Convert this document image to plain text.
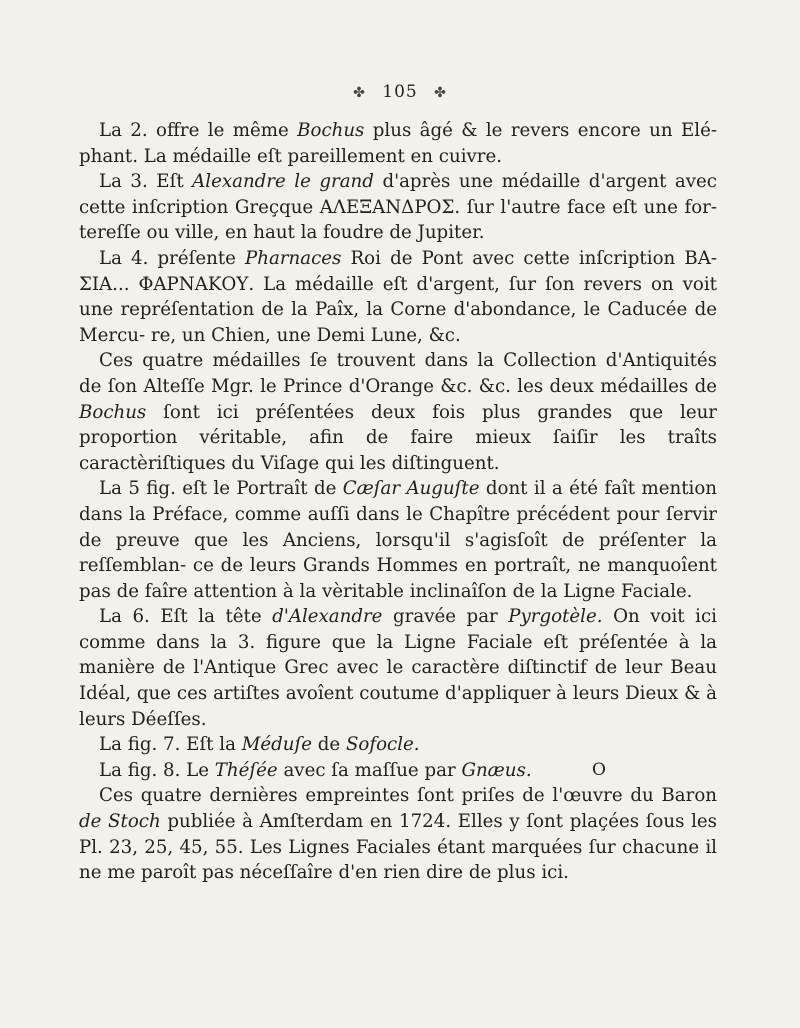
✤ 105 ✤

La 2. offre le même Bochus plus âgé & le revers encore un Elé- phant. La médaille eſt pareillement en cuivre.

La 3. Eſt Alexandre le grand d'après une médaille d'argent avec cette inſcription Greçque ΑΛΕΞΑΝΔΡΟΣ. ſur l'autre face eſt une for- tereſſe ou ville, en haut la foudre de Jupiter.

La 4. préſente Pharnaces Roi de Pont avec cette inſcription ΒΑ- ΣΙΑ... ΦΑΡΝΑΚΟΥ. La médaille eſt d'argent, ſur ſon revers on voit une repréſentation de la Paîx, la Corne d'abondance, le Caducée de Mercu- re, un Chien, une Demi Lune, &c.

Ces quatre médailles ſe trouvent dans la Collection d'Antiquités de ſon Alteſſe Mgr. le Prince d'Orange &c. &c. les deux médailles de Bochus ſont ici préſentées deux fois plus grandes que leur proportion véritable, afin de faire mieux ſaiſir les traîts caractèriſtiques du Viſage qui les diſtinguent.

La 5 fig. eſt le Portraît de Cæſar Auguſte dont il a été faît mention dans la Préface, comme auſſi dans le Chapître précédent pour ſervir de preuve que les Anciens, lorsqu'il s'agisſoît de préſenter la reſſemblan- ce de leurs Grands Hommes en portraît, ne manquoîent pas de faîre attention à la vèritable inclinaîſon de la Ligne Faciale.

La 6. Eſt la tête d'Alexandre gravée par Pyrgotèle. On voit ici comme dans la 3. figure que la Ligne Faciale eſt préſentée à la manière de l'Antique Grec avec le caractère diſtinctif de leur Beau Idéal, que ces artiſtes avoîent coutume d'appliquer à leurs Dieux & à leurs Déeſſes.

La fig. 7. Eſt la Méduſe de Sofocle.

La fig. 8. Le Théſée avec ſa maſſue par Gnæus.

Ces quatre dernières empreintes ſont priſes de l'œuvre du Baron de Stoch publiée à Amſterdam en 1724. Elles y ſont plaçées ſous les Pl. 23, 25, 45, 55. Les Lignes Faciales étant marquées ſur chacune il ne me paroît pas néceſſaîre d'en rien dire de plus ici.

O
